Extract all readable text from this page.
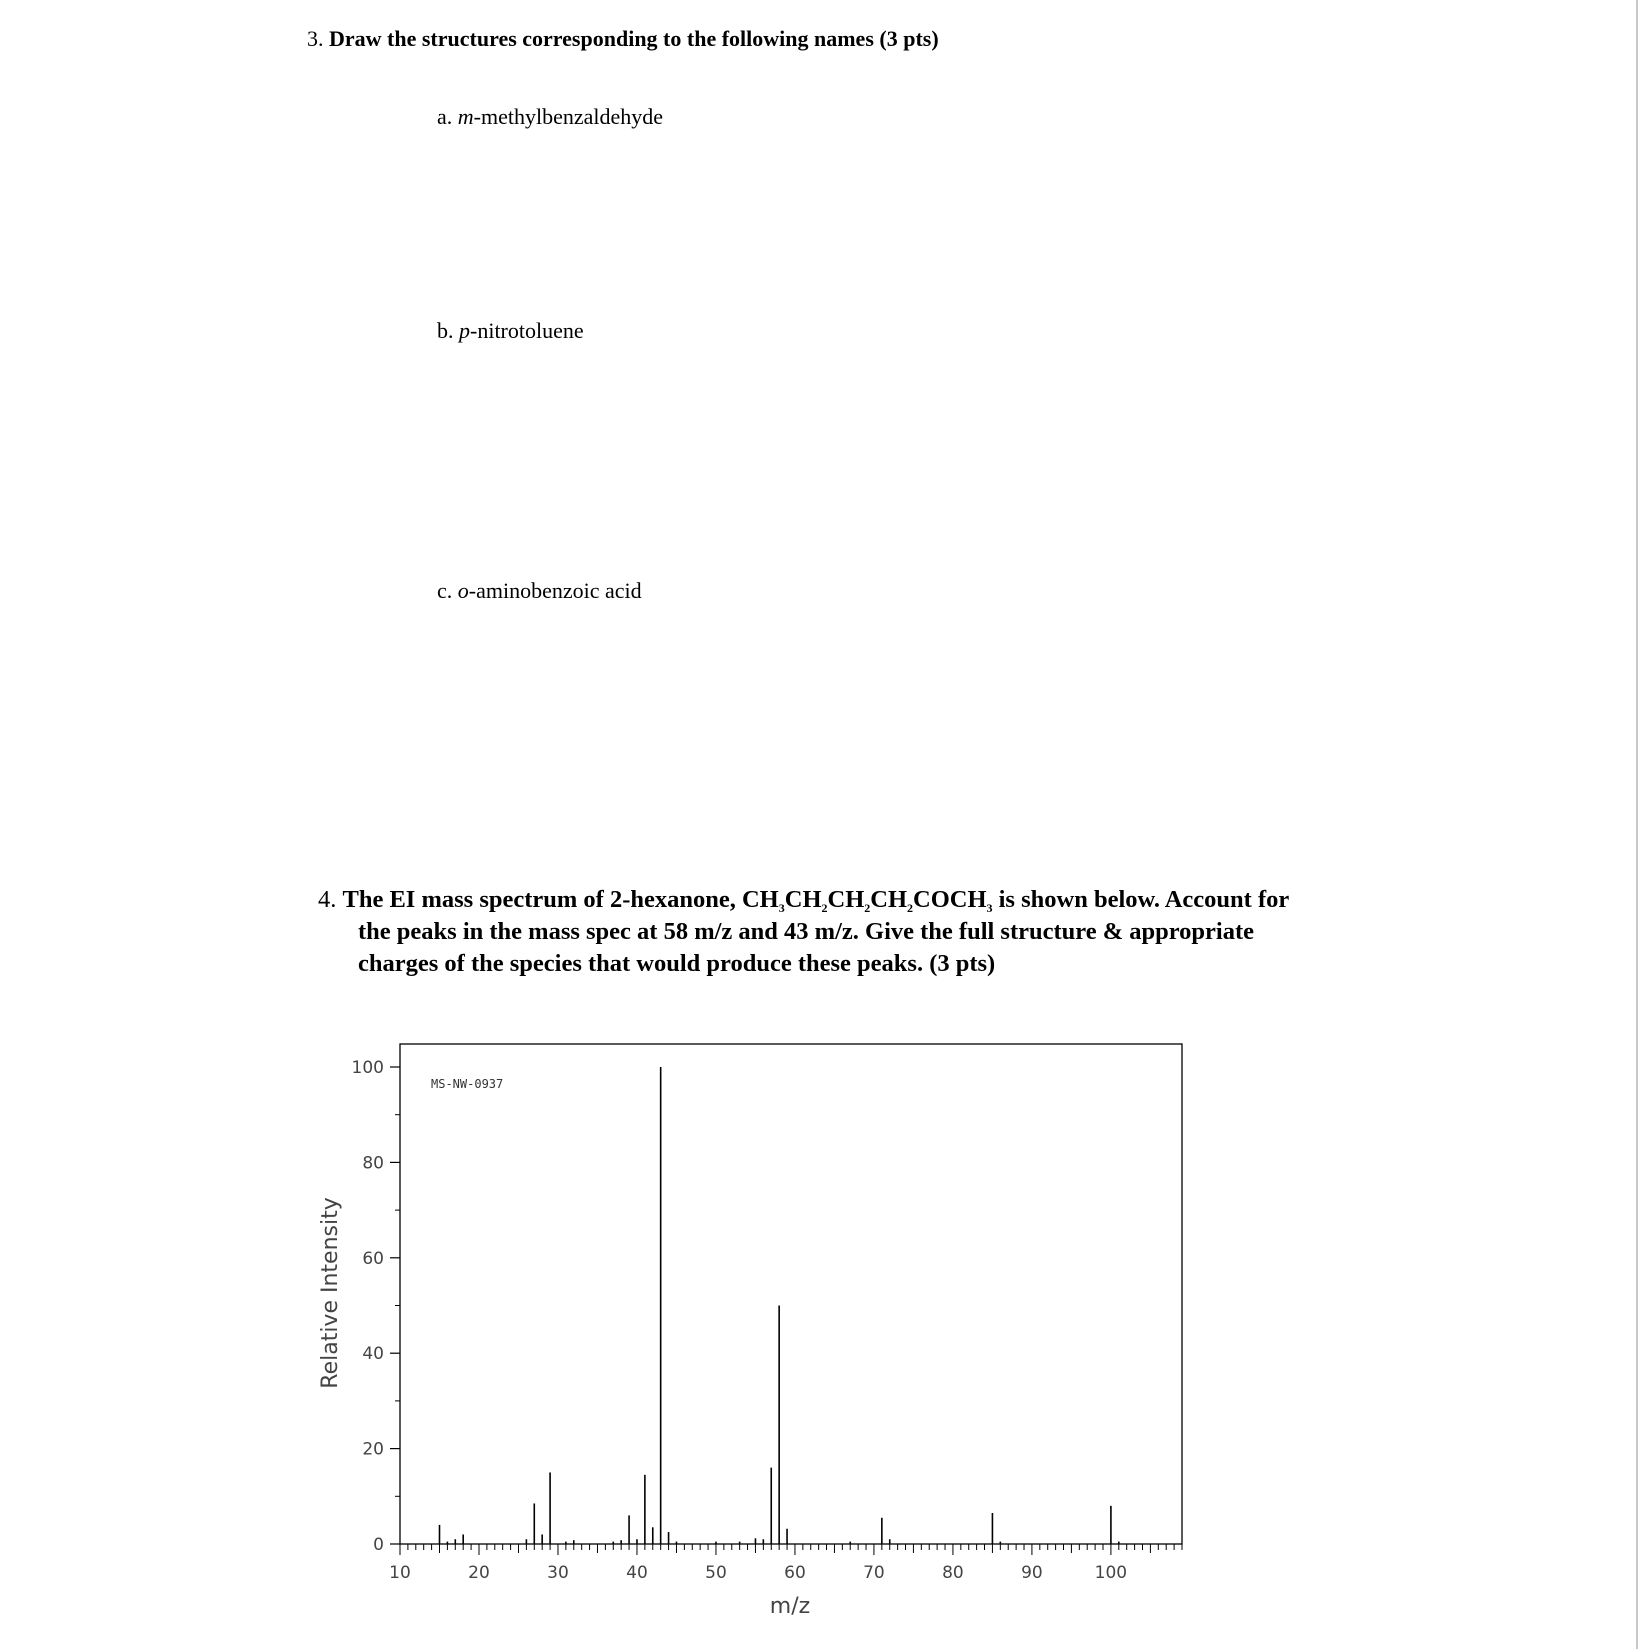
3. Draw the structures corresponding to the following names (3 pts)
a. m-methylbenzaldehyde
b. p-nitrotoluene
c. o-aminobenzoic acid
4. The EI mass spectrum of 2-hexanone, $CH_3CH_2CH_2CH_2COCH_3$ is shown below. Account for
the peaks in the mass spec at 58 m/z and 43 m/z. Give the full structure & appropriate
charges of the species that would produce these peaks. (3 pts)
Relative Intensity
m/z
MS-NW-0937
0
20
40
60
80
100
10	20	30	40	50	60	70	80	90	100
